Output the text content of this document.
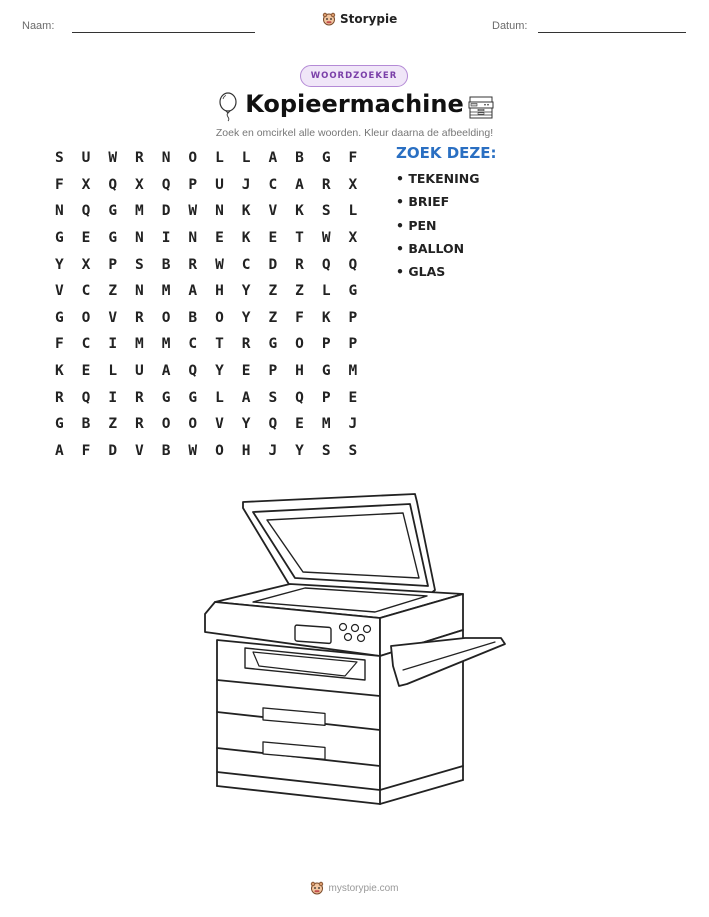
Naam:	Storypie	Datum:
WOORDZOEKER
Kopieermachine
Zoek en omcirkel alle woorden. Kleur daarna de afbeelding!
S	U	W	R	N	O	L	L	A	B	G	F
F	X	Q	X	Q	P	U	J	C	A	R	X
N	Q	G	M	D	W	N	K	V	K	S	L
G	E	G	N	I	N	E	K	E	T	W	X
Y	X	P	S	B	R	W	C	D	R	Q	Q
V	C	Z	N	M	A	H	Y	Z	Z	L	G
G	O	V	R	O	B	O	Y	Z	F	K	P
F	C	I	M	M	C	T	R	G	O	P	P
K	E	L	U	A	Q	Y	E	P	H	G	M
R	Q	I	R	G	G	L	A	S	Q	P	E
G	B	Z	R	O	O	V	Y	Q	E	M	J
A	F	D	V	B	W	O	H	J	Y	S	S
ZOEK DEZE:
• TEKENING
• BRIEF
• PEN
• BALLON
• GLAS
mystorypie.com
